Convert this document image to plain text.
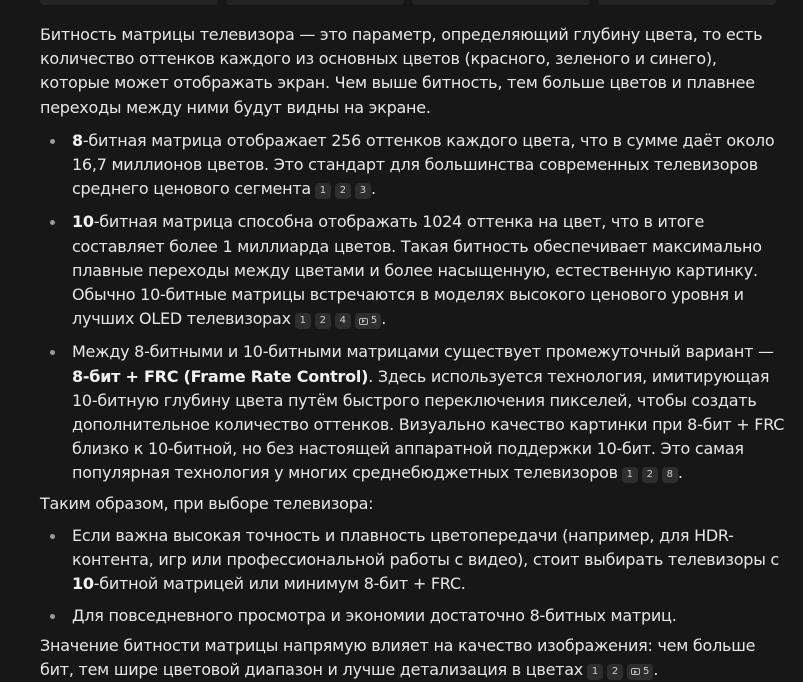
Битность матрицы телевизора — это параметр, определяющий глубину цвета, то есть количество оттенков каждого из основных цветов (красного, зеленого и синего), которые может отображать экран. Чем выше битность, тем больше цветов и плавнее переходы между ними будут видны на экране.

8-битная матрица отображает 256 оттенков каждого цвета, что в сумме даёт около 16,7 миллионов цветов. Это стандарт для большинства современных телевизоров среднего ценового сегмента 1	2	3 .
10-битная матрица способна отображать 1024 оттенка на цвет, что в итоге составляет более 1 миллиарда цветов. Такая битность обеспечивает максимально плавные переходы между цветами и более насыщенную, естественную картинку. Обычно 10-битные матрицы встречаются в моделях высокого ценового уровня и лучших OLED телевизорах 1	2	4	5 .
Между 8-битными и 10-битными матрицами существует промежуточный вариант — 8-бит + FRC (Frame Rate Control). Здесь используется технология, имитирующая 10-битную глубину цвета путём быстрого переключения пикселей, чтобы создать дополнительное количество оттенков. Визуально качество картинки при 8-бит + FRC близко к 10-битной, но без настоящей аппаратной поддержки 10-бит. Это самая популярная технология у многих среднебюджетных телевизоров 1	2	8 .

Таким образом, при выборе телевизора:

Если важна высокая точность и плавность цветопередачи (например, для HDR-контента, игр или профессиональной работы с видео), стоит выбирать телевизоры с 10-битной матрицей или минимум 8-бит + FRC.
Для повседневного просмотра и экономии достаточно 8-битных матриц.

Значение битности матрицы напрямую влияет на качество изображения: чем больше бит, тем шире цветовой диапазон и лучше детализация в цветах 1	2	5 .
